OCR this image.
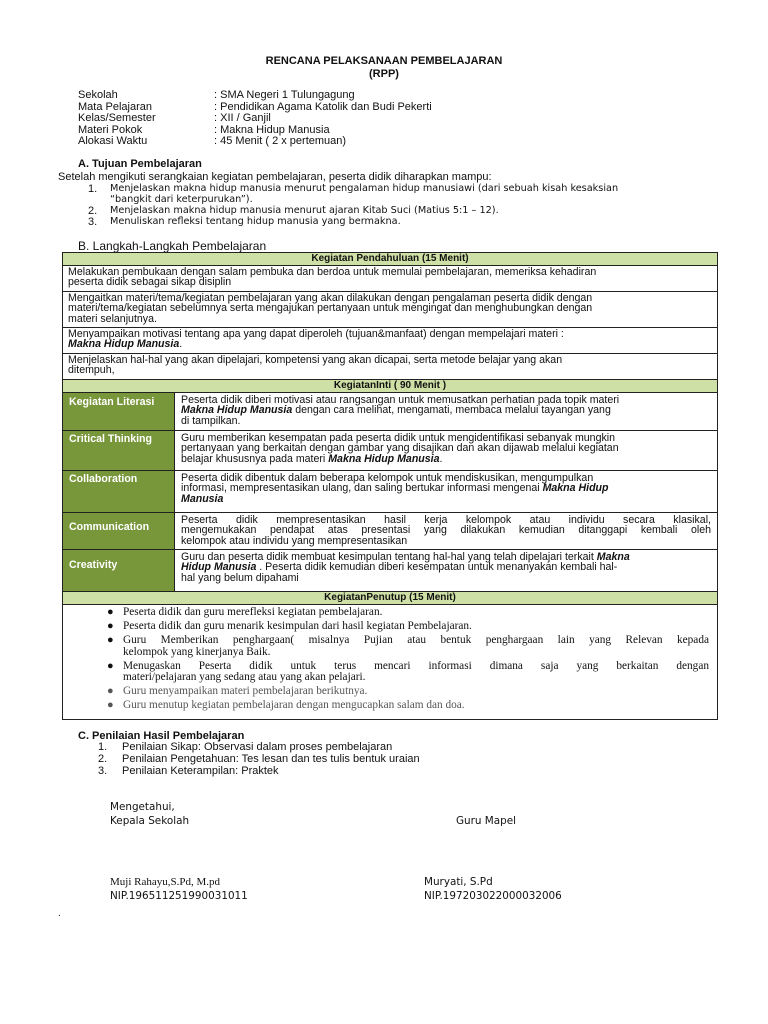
RENCANA PELAKSANAAN PEMBELAJARAN
(RPP)
Sekolah	: SMA Negeri 1 Tulungagung
Mata Pelajaran	: Pendidikan Agama Katolik dan Budi Pekerti
Kelas/Semester	: XII / Ganjil
Materi Pokok	: Makna Hidup Manusia
Alokasi Waktu	: 45 Menit ( 2 x pertemuan)
A. Tujuan Pembelajaran
Setelah mengikuti serangkaian kegiatan pembelajaran, peserta didik diharapkan mampu:
1. Menjelaskan makna hidup manusia menurut pengalaman hidup manusiawi (dari sebuah kisah kesaksian
“bangkit dari keterpurukan”).
2. Menjelaskan makna hidup manusia menurut ajaran Kitab Suci (Matius 5:1 – 12).
3. Menuliskan refleksi tentang hidup manusia yang bermakna.
B. Langkah-Langkah Pembelajaran
Kegiatan Pendahuluan (15 Menit)
Melakukan pembukaan dengan salam pembuka dan berdoa untuk memulai pembelajaran, memeriksa kehadiran
peserta didik sebagai sikap disiplin
Mengaitkan materi/tema/kegiatan pembelajaran yang akan dilakukan dengan pengalaman peserta didik dengan
materi/tema/kegiatan sebelumnya serta mengajukan pertanyaan untuk mengingat dan menghubungkan dengan
materi selanjutnya.
Menyampaikan motivasi tentang apa yang dapat diperoleh (tujuan&manfaat) dengan mempelajari materi :
Makna Hidup Manusia.
Menjelaskan hal-hal yang akan dipelajari, kompetensi yang akan dicapai, serta metode belajar yang akan
ditempuh,
KegiatanInti ( 90 Menit )
Kegiatan Literasi	Peserta didik diberi motivasi atau rangsangan untuk memusatkan perhatian pada topik materi
Makna Hidup Manusia dengan cara melihat, mengamati, membaca melalui tayangan yang
di tampilkan.
Critical Thinking	Guru memberikan kesempatan pada peserta didik untuk mengidentifikasi sebanyak mungkin
pertanyaan yang berkaitan dengan gambar yang disajikan dan akan dijawab melalui kegiatan
belajar khususnya pada materi Makna Hidup Manusia.
Collaboration	Peserta didik dibentuk dalam beberapa kelompok untuk mendiskusikan, mengumpulkan
informasi, mempresentasikan ulang, dan saling bertukar informasi mengenai Makna Hidup
Manusia
Communication
Peserta didik mempresentasikan hasil kerja kelompok atau individu secara klasikal,
mengemukakan pendapat atas presentasi yang dilakukan kemudian ditanggapi kembali oleh
kelompok atau individu yang mempresentasikan
Creativity
Guru dan peserta didik membuat kesimpulan tentang hal-hal yang telah dipelajari terkait Makna
Hidup Manusia . Peserta didik kemudian diberi kesempatan untuk menanyakan kembali hal-
hal yang belum dipahami
KegiatanPenutup (15 Menit)
● Peserta didik dan guru merefleksi kegiatan pembelajaran.
● Peserta didik dan guru menarik kesimpulan dari hasil kegiatan Pembelajaran.
● Guru Memberikan penghargaan( misalnya Pujian atau bentuk penghargaan lain yang Relevan kepada
kelompok yang kinerjanya Baik.
● Menugaskan Peserta didik untuk terus mencari informasi dimana saja yang berkaitan dengan
materi/pelajaran yang sedang atau yang akan pelajari.
● Guru menyampaikan materi pembelajaran berikutnya.
● Guru menutup kegiatan pembelajaran dengan mengucapkan salam dan doa.
C. Penilaian Hasil Pembelajaran
1. Penilaian Sikap: Observasi dalam proses pembelajaran
2. Penilaian Pengetahuan: Tes lesan dan tes tulis bentuk uraian
3. Penilaian Keterampilan: Praktek
Mengetahui,
Kepala Sekolah	Guru Mapel
Muji Rahayu,S.Pd, M.pd
NIP.196511251990031011
Muryati, S.Pd
NIP.197203022000032006
.
